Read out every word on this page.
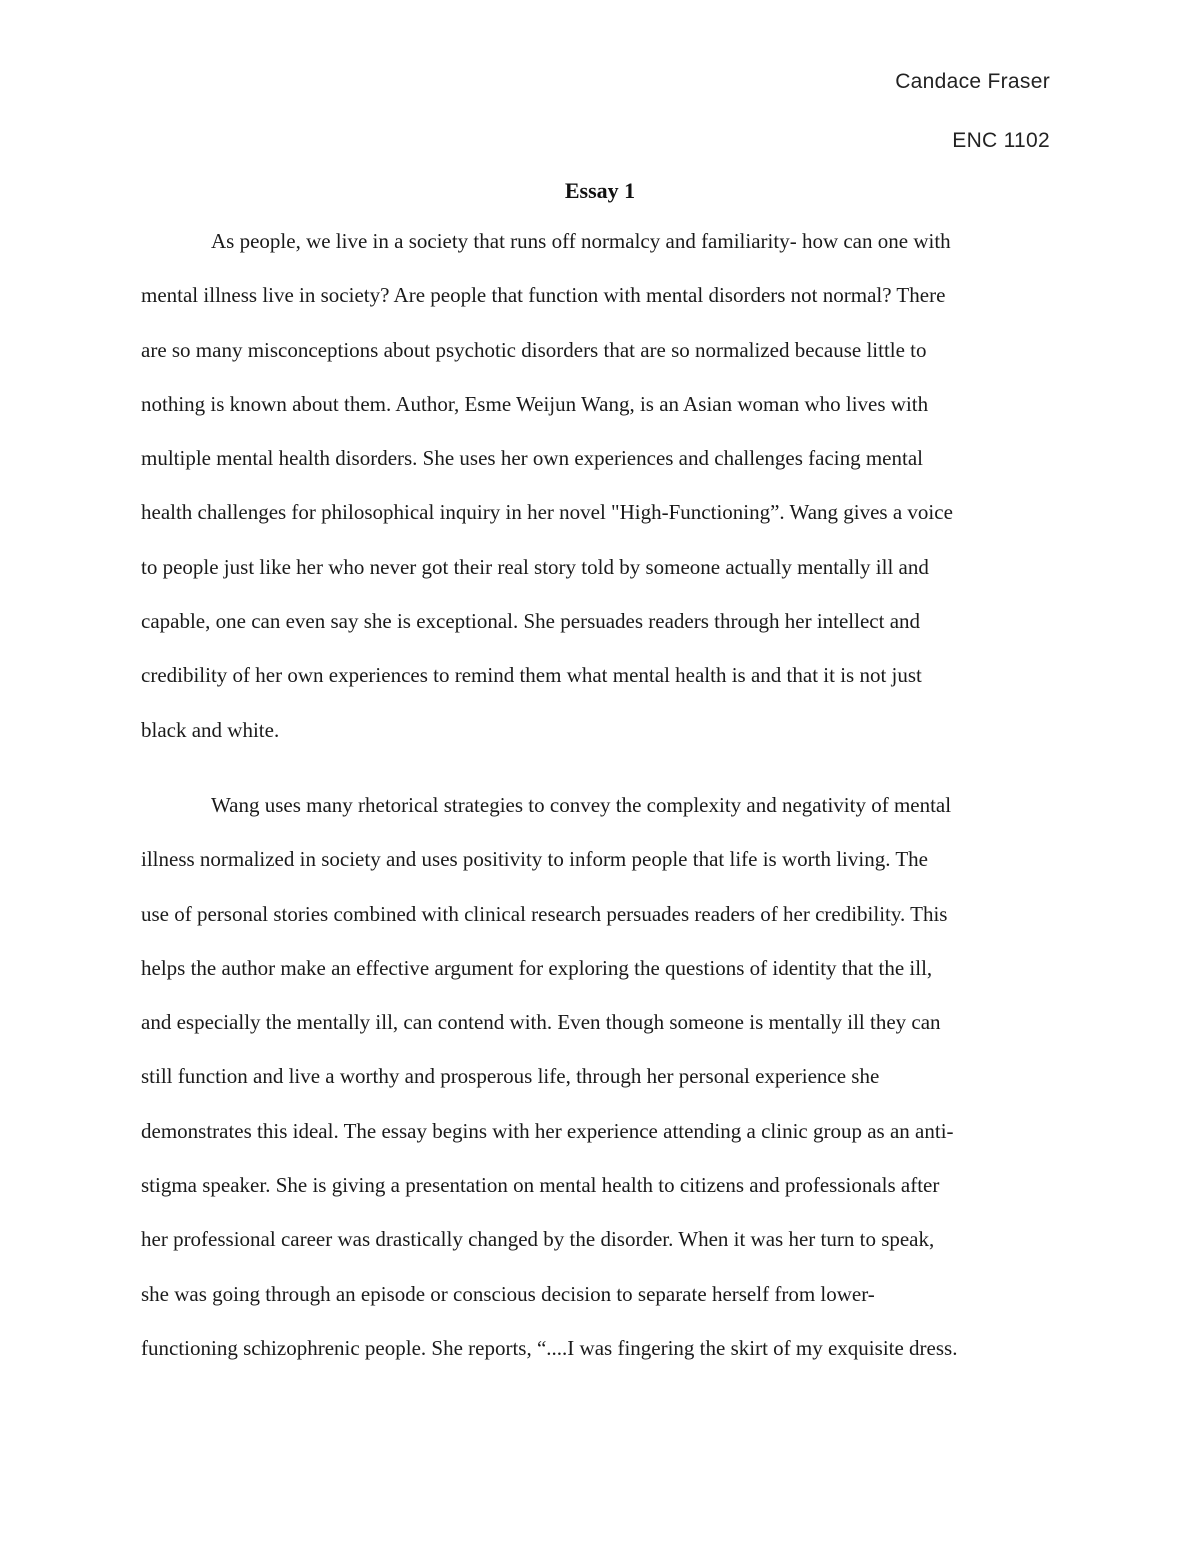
Candace Fraser
ENC 1102
Essay 1
As people, we live in a society that runs off normalcy and familiarity- how can one with
mental illness live in society? Are people that function with mental disorders not normal? There
are so many misconceptions about psychotic disorders that are so normalized because little to
nothing is known about them. Author, Esme Weijun Wang, is an Asian woman who lives with
multiple mental health disorders. She uses her own experiences and challenges facing mental
health challenges for philosophical inquiry in her novel "High-Functioning”. Wang gives a voice
to people just like her who never got their real story told by someone actually mentally ill and
capable, one can even say she is exceptional. She persuades readers through her intellect and
credibility of her own experiences to remind them what mental health is and that it is not just
black and white.
Wang uses many rhetorical strategies to convey the complexity and negativity of mental
illness normalized in society and uses positivity to inform people that life is worth living. The
use of personal stories combined with clinical research persuades readers of her credibility. This
helps the author make an effective argument for exploring the questions of identity that the ill,
and especially the mentally ill, can contend with. Even though someone is mentally ill they can
still function and live a worthy and prosperous life, through her personal experience she
demonstrates this ideal. The essay begins with her experience attending a clinic group as an anti-
stigma speaker. She is giving a presentation on mental health to citizens and professionals after
her professional career was drastically changed by the disorder. When it was her turn to speak,
she was going through an episode or conscious decision to separate herself from lower-
functioning schizophrenic people. She reports, “....I was fingering the skirt of my exquisite dress.
